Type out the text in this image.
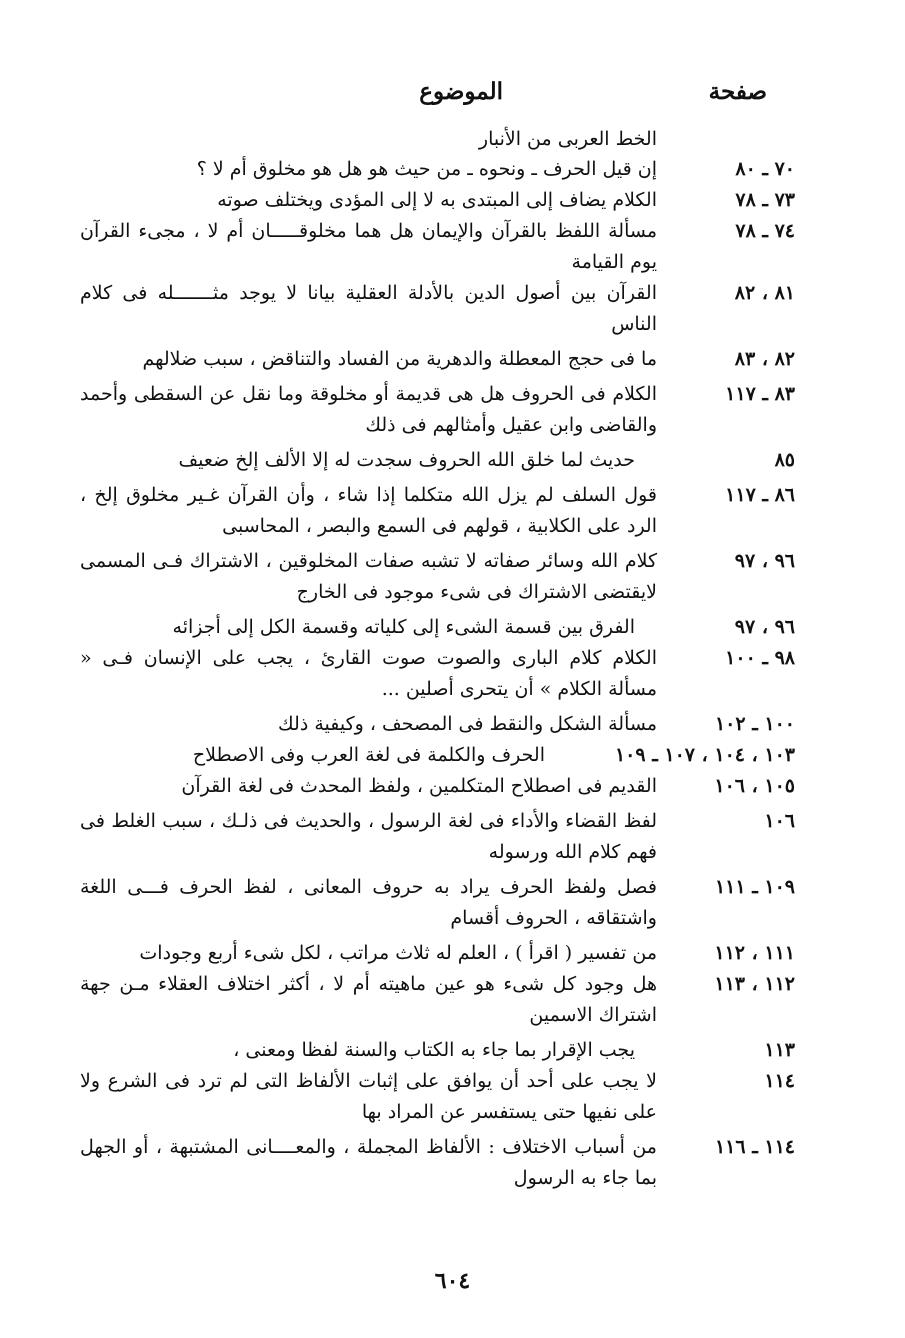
صفحة
الموضوع
الخط العربى من الأنبار
٧٠ ـ ٨٠
إن قيل الحرف ـ ونحوه ـ من حيث هو هل هو مخلوق أم لا ؟
٧٣ ـ ٧٨
الكلام يضاف إلى المبتدى به لا إلى المؤدى ويختلف صوته
٧٤ ـ ٧٨
مسألة اللفظ بالقرآن والإيمان هل هما مخلوقـــــان أم لا ، مجىء القرآن يوم القيامة
٨١ ، ٨٢
القرآن بين أصول الدين بالأدلة العقلية بيانا لا يوجد مثـــــــله فى كلام الناس
٨٢ ، ٨٣
ما فى حجج المعطلة والدهرية من الفساد والتناقض ، سبب ضلالهم
٨٣ ـ ١١٧
الكلام فى الحروف هل هى قديمة أو مخلوقة وما نقل عن السقطى وأحمد والقاضى وابن عقيل وأمثالهم فى ذلك
٨٥
حديث لما خلق الله الحروف سجدت له إلا الألف إلخ ضعيف
٨٦ ـ ١١٧
قول السلف لم يزل الله متكلما إذا شاء ، وأن القرآن غـير مخلوق إلخ ، الرد على الكلابية ، قولهم فى السمع والبصر ، المحاسبى
٩٦ ، ٩٧
كلام الله وسائر صفاته لا تشبه صفات المخلوقين ، الاشتراك فـى المسمى لايقتضى الاشتراك فى شىء موجود فى الخارج
٩٦ ، ٩٧
الفرق بين قسمة الشىء إلى كلياته وقسمة الكل إلى أجزائه
٩٨ ـ ١٠٠
الكلام كلام البارى والصوت صوت القارئ ، يجب على الإنسان فـى « مسألة الكلام » أن يتحرى أصلين ...
١٠٠ ـ ١٠٢
مسألة الشكل والنقط فى المصحف ، وكيفية ذلك
١٠٣ ، ١٠٤ ، ١٠٧ ـ ١٠٩
الحرف والكلمة فى لغة العرب وفى الاصطلاح
١٠٥ ، ١٠٦
القديم فى اصطلاح المتكلمين ، ولفظ المحدث فى لغة القرآن
١٠٦
لفظ القضاء والأداء فى لغة الرسول ، والحديث فى ذلـك ، سبب الغلط فى فهم كلام الله ورسوله
١٠٩ ـ ١١١
فصل ولفظ الحرف يراد به حروف المعانى ، لفظ الحرف فـــى اللغة واشتقاقه ، الحروف أقسام
١١١ ، ١١٢
من تفسير ( اقرأ ) ، العلم له ثلاث مراتب ، لكل شىء أربع وجودات
١١٢ ، ١١٣
هل وجود كل شىء هو عين ماهيته أم لا ، أكثر اختلاف العقلاء مـن جهة اشتراك الاسمين
١١٣
يجب الإقرار بما جاء به الكتاب والسنة لفظا ومعنى ،
١١٤
لا يجب على أحد أن يوافق على إثبات الألفاظ التى لم ترد فى الشرع ولا على نفيها حتى يستفسر عن المراد بها
١١٤ ـ ١١٦
من أسباب الاختلاف : الألفاظ المجملة ، والمعــــانى المشتبهة ، أو الجهل بما جاء به الرسول
٦٠٤
